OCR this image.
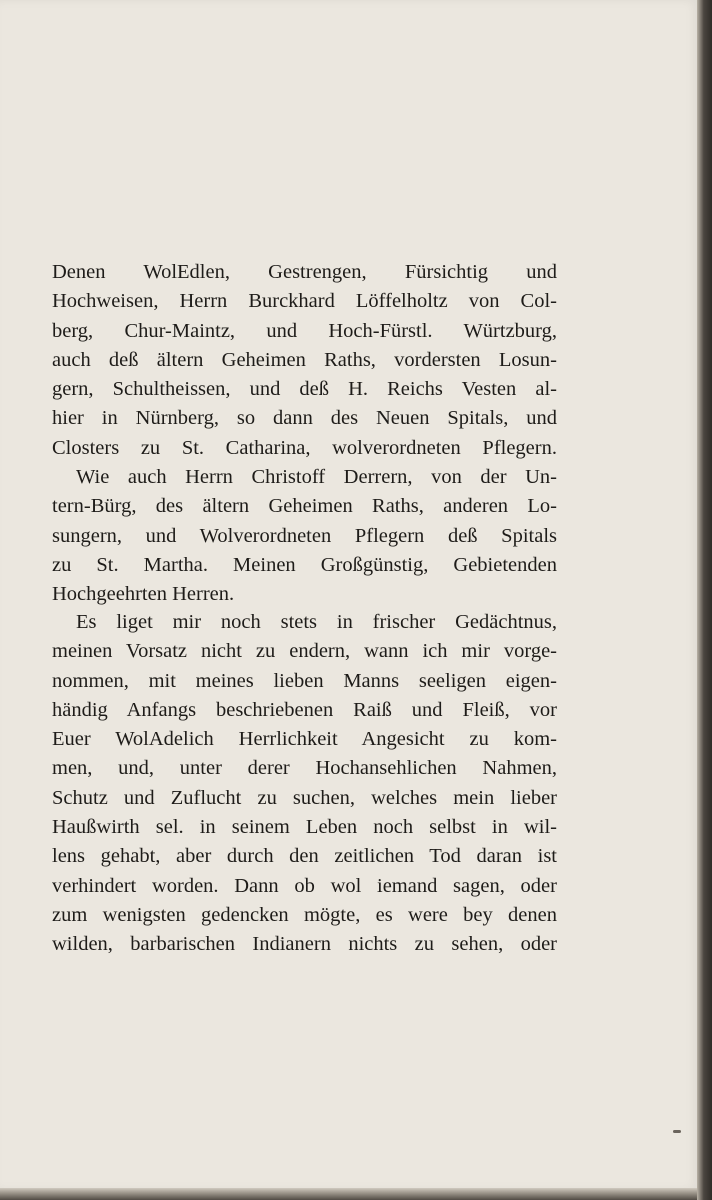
Denen WolEdlen, Gestrengen, Fürsichtig und
Hochweisen, Herrn Burckhard Löffelholtz von Col-
berg, Chur-Maintz, und Hoch-Fürstl. Würtzburg,
auch deß ältern Geheimen Raths, vordersten Losun-
gern, Schultheissen, und deß H. Reichs Vesten al-
hier in Nürnberg, so dann des Neuen Spitals, und
Closters zu St. Catharina, wolverordneten Pflegern.
Wie auch Herrn Christoff Derrern, von der Un-
tern-Bürg, des ältern Geheimen Raths, anderen Lo-
sungern, und Wolverordneten Pflegern deß Spitals
zu St. Martha. Meinen Großgünstig, Gebietenden
Hochgeehrten Herren.
Es liget mir noch stets in frischer Gedächtnus,
meinen Vorsatz nicht zu endern, wann ich mir vorge-
nommen, mit meines lieben Manns seeligen eigen-
händig Anfangs beschriebenen Raiß und Fleiß, vor
Euer WolAdelich Herrlichkeit Angesicht zu kom-
men, und, unter derer Hochansehlichen Nahmen,
Schutz und Zuflucht zu suchen, welches mein lieber
Haußwirth sel. in seinem Leben noch selbst in wil-
lens gehabt, aber durch den zeitlichen Tod daran ist
verhindert worden. Dann ob wol iemand sagen, oder
zum wenigsten gedencken mögte, es were bey denen
wilden, barbarischen Indianern nichts zu sehen, oder
